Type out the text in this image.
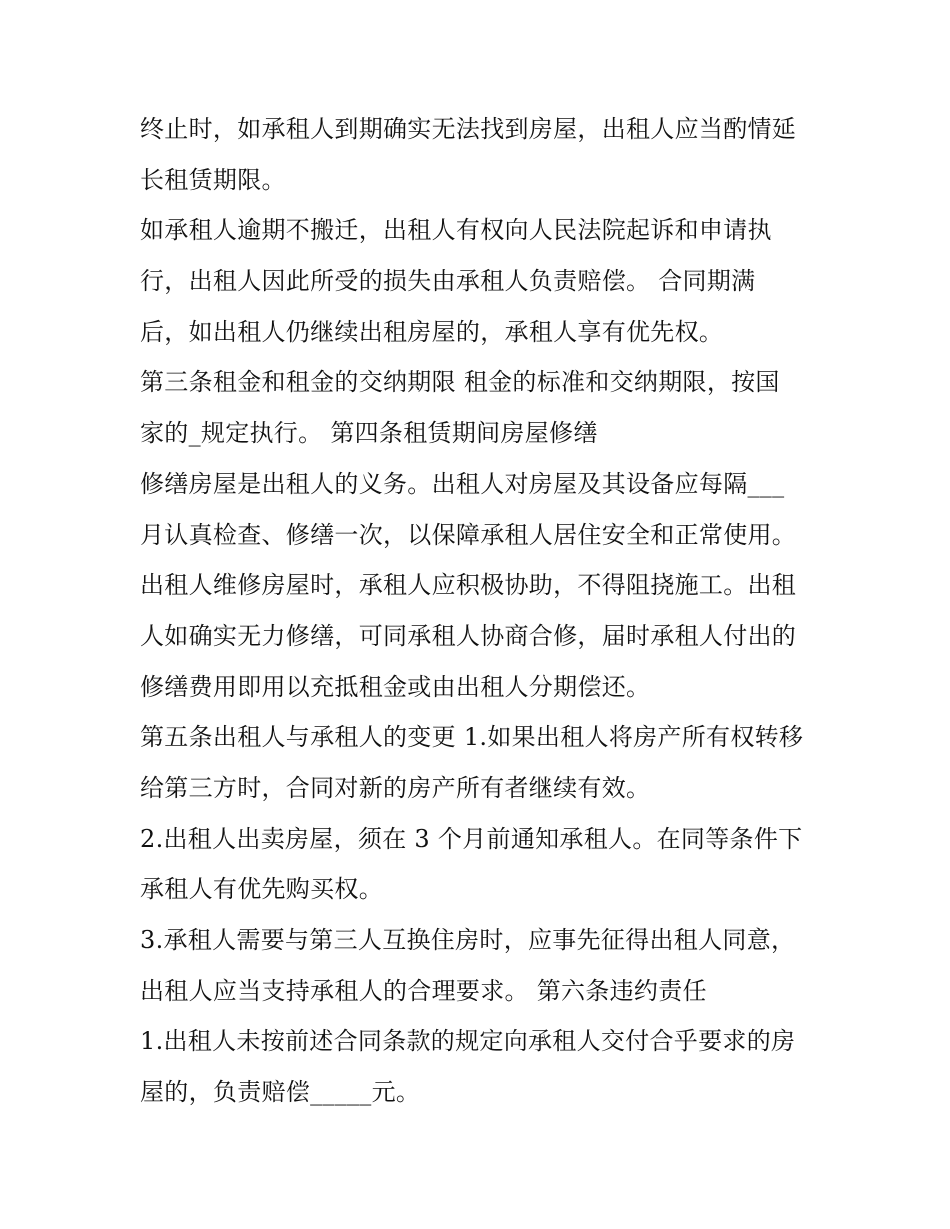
终止时，如承租人到期确实无法找到房屋，出租人应当酌情延
长租赁期限。
如承租人逾期不搬迁，出租人有权向人民法院起诉和申请执
行，出租人因此所受的损失由承租人负责赔偿。 合同期满
后，如出租人仍继续出租房屋的，承租人享有优先权。
第三条租金和租金的交纳期限 租金的标准和交纳期限，按国
家的_规定执行。 第四条租赁期间房屋修缮
修缮房屋是出租人的义务。出租人对房屋及其设备应每隔___
月认真检查、修缮一次，以保障承租人居住安全和正常使用。
出租人维修房屋时，承租人应积极协助，不得阻挠施工。出租
人如确实无力修缮，可同承租人协商合修，届时承租人付出的
修缮费用即用以充抵租金或由出租人分期偿还。
第五条出租人与承租人的变更 1.如果出租人将房产所有权转移
给第三方时，合同对新的房产所有者继续有效。
2.出租人出卖房屋，须在 3 个月前通知承租人。在同等条件下
承租人有优先购买权。
3.承租人需要与第三人互换住房时，应事先征得出租人同意，
出租人应当支持承租人的合理要求。 第六条违约责任
1.出租人未按前述合同条款的规定向承租人交付合乎要求的房
屋的，负责赔偿_____元。
